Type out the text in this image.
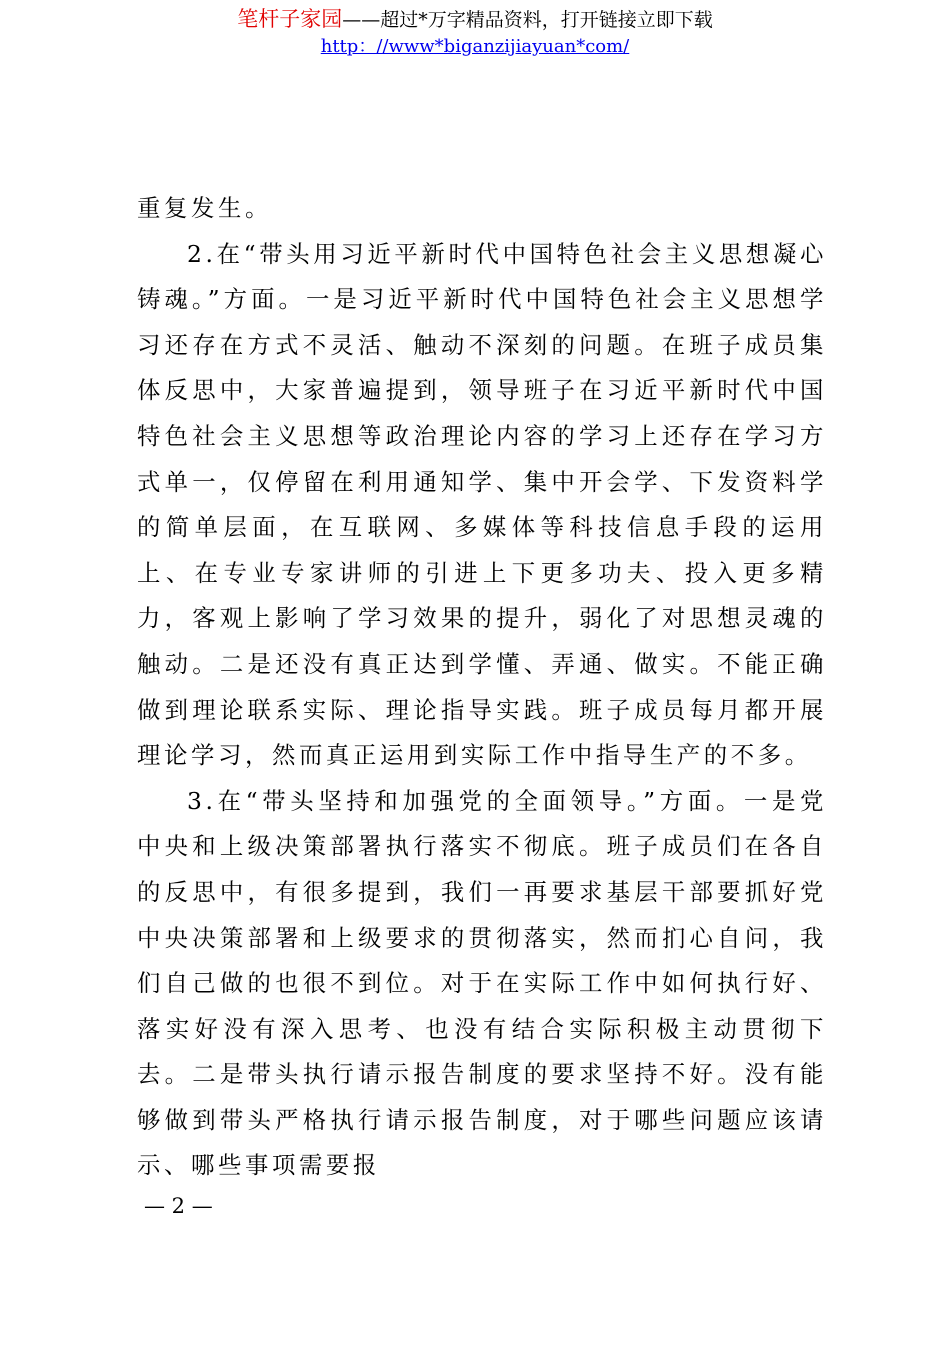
笔杆子家园——超过*万字精品资料，打开链接立即下载
http：//www*biganzijiayuan*com/

重复发生。

2.在“带头用习近平新时代中国特色社会主义思想凝心铸魂。”方面。一是习近平新时代中国特色社会主义思想学习还存在方式不灵活、触动不深刻的问题。在班子成员集体反思中，大家普遍提到，领导班子在习近平新时代中国特色社会主义思想等政治理论内容的学习上还存在学习方式单一，仅停留在利用通知学、集中开会学、下发资料学的简单层面，在互联网、多媒体等科技信息手段的运用上、在专业专家讲师的引进上下更多功夫、投入更多精力，客观上影响了学习效果的提升，弱化了对思想灵魂的触动。二是还没有真正达到学懂、弄通、做实。不能正确做到理论联系实际、理论指导实践。班子成员每月都开展理论学习，然而真正运用到实际工作中指导生产的不多。

3.在“带头坚持和加强党的全面领导。”方面。一是党中央和上级决策部署执行落实不彻底。班子成员们在各自的反思中，有很多提到，我们一再要求基层干部要抓好党中央决策部署和上级要求的贯彻落实，然而扪心自问，我们自己做的也很不到位。对于在实际工作中如何执行好、落实好没有深入思考、也没有结合实际积极主动贯彻下去。二是带头执行请示报告制度的要求坚持不好。没有能够做到带头严格执行请示报告制度，对于哪些问题应该请示、哪些事项需要报

— 2 —
